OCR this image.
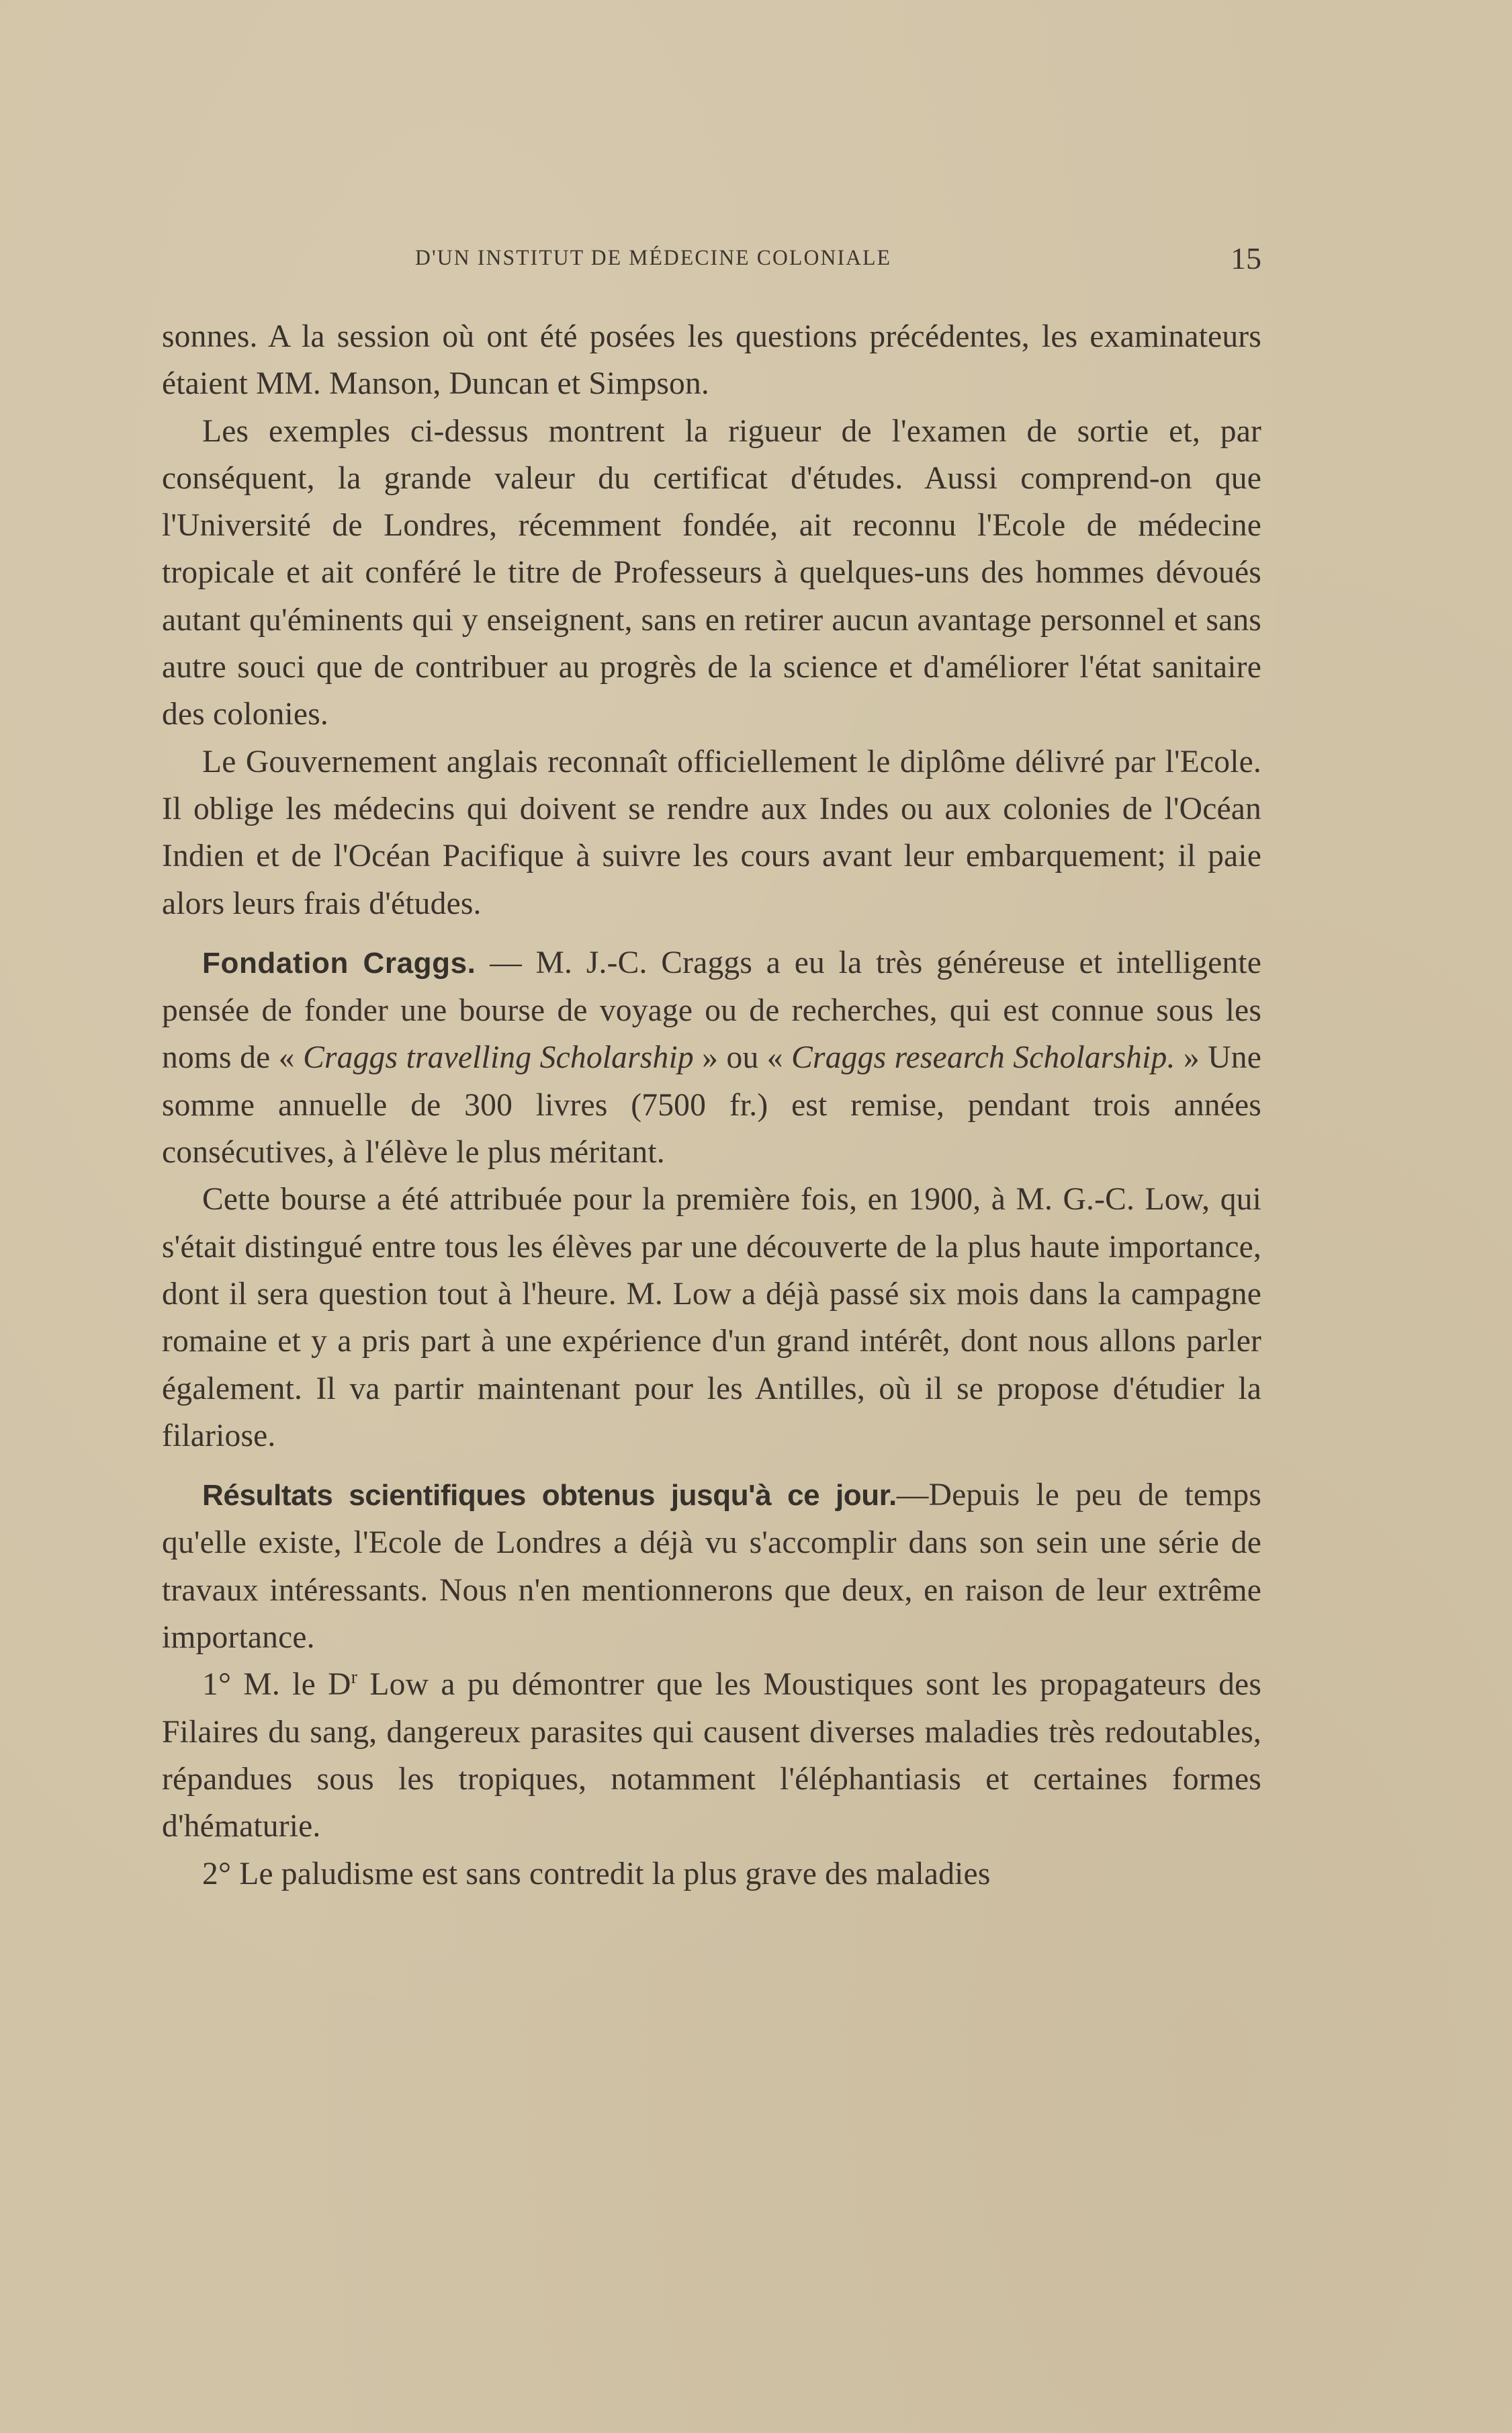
D'UN INSTITUT DE MÉDECINE COLONIALE	15

sonnes. A la session où ont été posées les questions précédentes, les examinateurs étaient MM. Manson, Duncan et Simpson.

Les exemples ci-dessus montrent la rigueur de l'examen de sortie et, par conséquent, la grande valeur du certificat d'études. Aussi comprend-on que l'Université de Londres, récemment fondée, ait reconnu l'Ecole de médecine tropicale et ait conféré le titre de Professeurs à quelques-uns des hommes dévoués autant qu'éminents qui y enseignent, sans en retirer aucun avantage personnel et sans autre souci que de contribuer au progrès de la science et d'améliorer l'état sanitaire des colonies.

Le Gouvernement anglais reconnaît officiellement le diplôme délivré par l'Ecole. Il oblige les médecins qui doivent se rendre aux Indes ou aux colonies de l'Océan Indien et de l'Océan Pacifique à suivre les cours avant leur embarquement; il paie alors leurs frais d'études.

Fondation Craggs. — M. J.-C. Craggs a eu la très généreuse et intelligente pensée de fonder une bourse de voyage ou de recherches, qui est connue sous les noms de « Craggs travelling Scholarship » ou « Craggs research Scholarship. » Une somme annuelle de 300 livres (7500 fr.) est remise, pendant trois années consécutives, à l'élève le plus méritant.

Cette bourse a été attribuée pour la première fois, en 1900, à M. G.-C. Low, qui s'était distingué entre tous les élèves par une découverte de la plus haute importance, dont il sera question tout à l'heure. M. Low a déjà passé six mois dans la campagne romaine et y a pris part à une expérience d'un grand intérêt, dont nous allons parler également. Il va partir maintenant pour les Antilles, où il se propose d'étudier la filariose.

Résultats scientifiques obtenus jusqu'à ce jour.—Depuis le peu de temps qu'elle existe, l'Ecole de Londres a déjà vu s'accomplir dans son sein une série de travaux intéressants. Nous n'en mentionnerons que deux, en raison de leur extrême importance.

1° M. le $D^r$ Low a pu démontrer que les Moustiques sont les propagateurs des Filaires du sang, dangereux parasites qui causent diverses maladies très redoutables, répandues sous les tropiques, notamment l'éléphantiasis et certaines formes d'hématurie.

2° Le paludisme est sans contredit la plus grave des maladies
